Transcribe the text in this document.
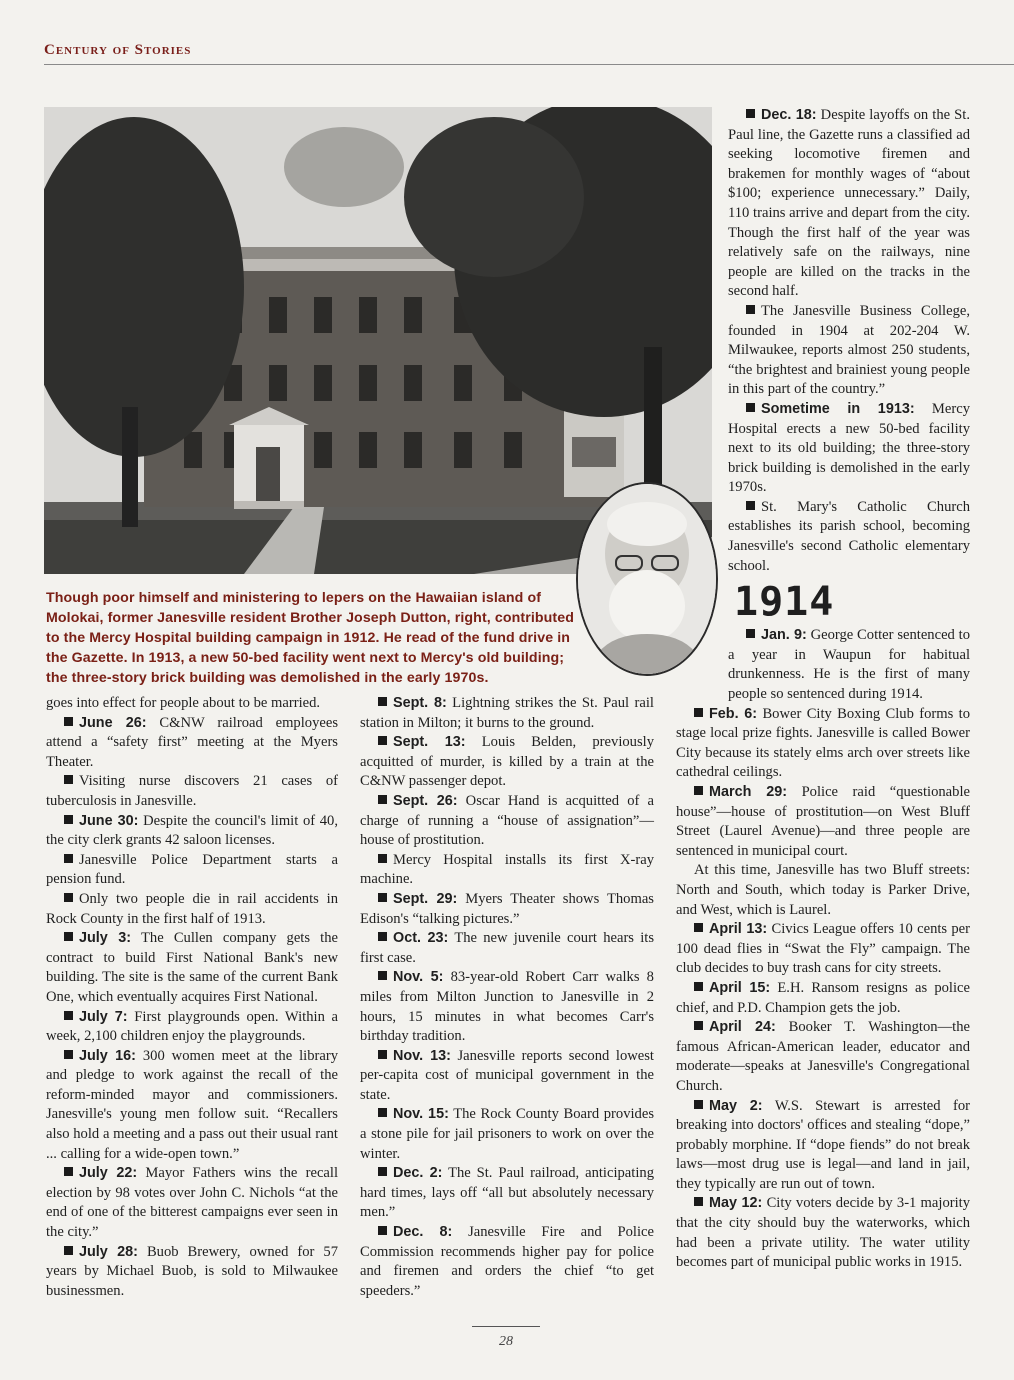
Century of Stories
Though poor himself and ministering to lepers on the Hawaiian island of Molokai, former Janesville resident Brother Joseph Dutton, right, contributed to the Mercy Hospital building campaign in 1912. He read of the fund drive in the Gazette. In 1913, a new 50-bed facility went next to Mercy's old building; the three-story brick building was demolished in the early 1970s.

goes into effect for people about to be married.

June 26: C&NW railroad employees attend a “safety first” meeting at the Myers Theater.

Visiting nurse discovers 21 cases of tuberculosis in Janesville.

June 30: Despite the council's limit of 40, the city clerk grants 42 saloon licenses.

Janesville Police Department starts a pension fund.

Only two people die in rail accidents in Rock County in the first half of 1913.

July 3: The Cullen company gets the contract to build First National Bank's new building. The site is the same of the current Bank One, which eventually acquires First National.

July 7: First playgrounds open. Within a week, 2,100 children enjoy the playgrounds.

July 16: 300 women meet at the library and pledge to work against the recall of the reform-minded mayor and commissioners. Janesville's young men follow suit. “Recallers also hold a meeting and a pass out their usual rant ... calling for a wide-open town.”

July 22: Mayor Fathers wins the recall election by 98 votes over John C. Nichols “at the end of one of the bitterest campaigns ever seen in the city.”

July 28: Buob Brewery, owned for 57 years by Michael Buob, is sold to Milwaukee businessmen.

Sept. 8: Lightning strikes the St. Paul rail station in Milton; it burns to the ground.

Sept. 13: Louis Belden, previously acquitted of murder, is killed by a train at the C&NW passenger depot.

Sept. 26: Oscar Hand is acquitted of a charge of running a “house of assignation”—house of prostitution.

Mercy Hospital installs its first X-ray machine.

Sept. 29: Myers Theater shows Thomas Edison's “talking pictures.”

Oct. 23: The new juvenile court hears its first case.

Nov. 5: 83-year-old Robert Carr walks 8 miles from Milton Junction to Janesville in 2 hours, 15 minutes in what becomes Carr's birthday tradition.

Nov. 13: Janesville reports second lowest per-capita cost of municipal government in the state.

Nov. 15: The Rock County Board provides a stone pile for jail prisoners to work on over the winter.

Dec. 2: The St. Paul railroad, anticipating hard times, lays off “all but absolutely necessary men.”

Dec. 8: Janesville Fire and Police Commission recommends higher pay for police and firemen and orders the chief “to get speeders.”

Dec. 18: Despite layoffs on the St. Paul line, the Gazette runs a classified ad seeking locomotive firemen and brakemen for monthly wages of “about $100; experience unnecessary.” Daily, 110 trains arrive and depart from the city. Though the first half of the year was relatively safe on the railways, nine people are killed on the tracks in the second half.

The Janesville Business College, founded in 1904 at 202-204 W. Milwaukee, reports almost 250 students, “the brightest and brainiest young people in this part of the country.”

Sometime in 1913: Mercy Hospital erects a new 50-bed facility next to its old building; the three-story brick building is demolished in the early 1970s.

St. Mary's Catholic Church establishes its parish school, becoming Janesville's second Catholic elementary school.

1914

Jan. 9: George Cotter sentenced to a year in Waupun for habitual drunkenness. He is the first of many people so sentenced during 1914.

Feb. 6: Bower City Boxing Club forms to stage local prize fights. Janesville is called Bower City because its stately elms arch over streets like cathedral ceilings.

March 29: Police raid “questionable house”—house of prostitution—on West Bluff Street (Laurel Avenue)—and three people are sentenced in municipal court.

At this time, Janesville has two Bluff streets: North and South, which today is Parker Drive, and West, which is Laurel.

April 13: Civics League offers 10 cents per 100 dead flies in “Swat the Fly” campaign. The club decides to buy trash cans for city streets.

April 15: E.H. Ransom resigns as police chief, and P.D. Champion gets the job.

April 24: Booker T. Washington—the famous African-American leader, educator and moderate—speaks at Janesville's Congregational Church.

May 2: W.S. Stewart is arrested for breaking into doctors' offices and stealing “dope,” probably morphine. If “dope fiends” do not break laws—most drug use is legal—and land in jail, they typically are run out of town.

May 12: City voters decide by 3-1 majority that the city should buy the waterworks, which had been a private utility. The water utility becomes part of municipal public works in 1915.

28
